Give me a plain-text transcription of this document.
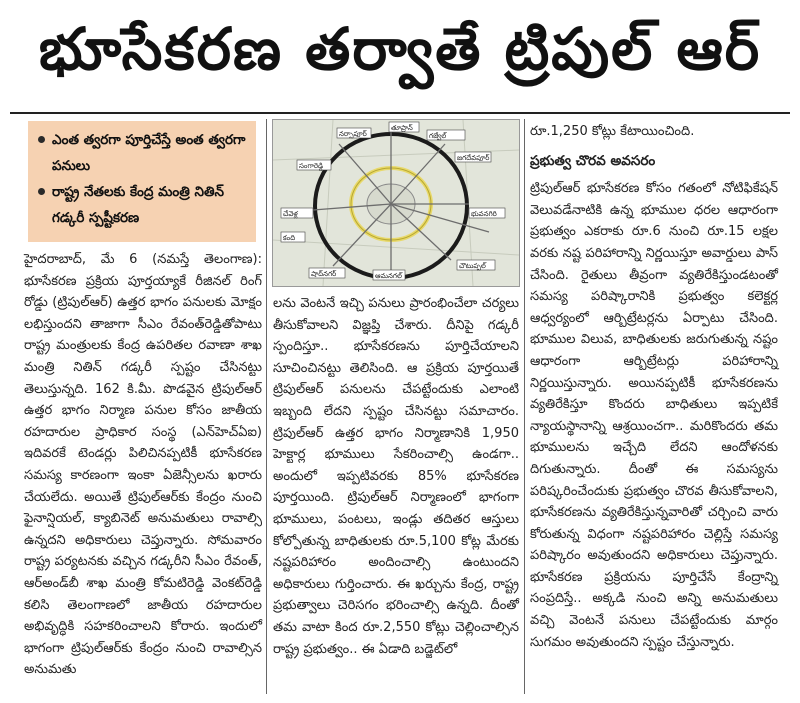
భూసేకరణ తర్వాతే ట్రిపుల్ ఆర్
ఎంత త్వరగా పూర్తిచేస్తే అంత త్వరగా పనులు
రాష్ట్ర నేతలకు కేంద్ర మంత్రి నితిన్ గడ్కరీ స్పష్టీకరణ

హైదరాబాద్, మే 6 (నమస్తే తెలంగాణ): భూసేకరణ ప్రక్రియ పూర్తయ్యాకే రీజినల్ రింగ్ రోడ్డు (ట్రిపుల్ఆర్) ఉత్తర భాగం పనులకు మోక్షం లభిస్తుందని తాజాగా సీఎం రేవంత్‌రెడ్డితోపాటు రాష్ట్ర మంత్రులకు కేంద్ర ఉపరితల రవాణా శాఖ మంత్రి నితిన్ గడ్కరీ స్పష్టం చేసినట్టు తెలుస్తున్నది. 162 కి.మీ. పొడవైన ట్రిపుల్ఆర్ ఉత్తర భాగం నిర్మాణ పనుల కోసం జాతీయ రహదారుల ప్రాధికార సంస్థ (ఎన్‌హెచ్ఏఐ) ఇదివరకే టెండర్లు పిలిచినప్పటికీ భూసేకరణ సమస్య కారణంగా ఇంకా ఏజెన్సీలను ఖరారు చేయలేదు. అయితే ట్రిపుల్ఆర్‌కు కేంద్రం నుంచి ఫైనాన్షియల్, క్యాబినెట్ అనుమతులు రావాల్సి ఉన్నదని అధికారులు చెప్తున్నారు. సోమవారం రాష్ట్ర పర్యటనకు వచ్చిన గడ్కరీని సీఎం రేవంత్, ఆర్అండ్‌బీ శాఖ మంత్రి కోమటిరెడ్డి వెంకట్‌రెడ్డి కలిసి తెలంగాణలో జాతీయ రహదారుల అభివృద్ధికి సహకరించాలని కోరారు. ఇందులో భాగంగా ట్రిపుల్ఆర్‌కు కేంద్రం నుంచి రావాల్సిన అనుమతు

సంగారెడ్డి
నర్సాపూర్
తూప్రాన్
గజ్వేల్
జగదేవపూర్
భువనగిరి
చౌటుప్పల్
ఆమనగల్
షాద్‌నగర్
చేవెళ్ల
కంది

లను వెంటనే ఇచ్చి పనులు ప్రారంభించేలా చర్యలు తీసుకోవాలని విజ్ఞప్తి చేశారు. దీనిపై గడ్కరీ స్పందిస్తూ.. భూసేకరణను పూర్తిచేయాలని సూచించినట్టు తెలిసింది. ఆ ప్రక్రియ పూర్తయితే ట్రిపుల్ఆర్ పనులను చేపట్టేందుకు ఎలాంటి ఇబ్బంది లేదని స్పష్టం చేసినట్టు సమాచారం. ట్రిపుల్ఆర్ ఉత్తర భాగం నిర్మాణానికి 1,950 హెక్టార్ల భూములు సేకరించాల్సి ఉండగా.. అందులో ఇప్పటివరకు 85% భూసేకరణ పూర్తయింది. ట్రిపుల్ఆర్ నిర్మాణంలో భాగంగా భూములు, పంటలు, ఇండ్లు తదితర ఆస్తులు కోల్పోతున్న బాధితులకు రూ.5,100 కోట్ల మేరకు నష్టపరిహారం అందించాల్సి ఉంటుందని అధికారులు గుర్తించారు. ఈ ఖర్చును కేంద్ర, రాష్ట్ర ప్రభుత్వాలు చెరిసగం భరించాల్సి ఉన్నది. దీంతో తమ వాటా కింద రూ.2,550 కోట్లు చెల్లించాల్సిన రాష్ట్ర ప్రభుత్వం.. ఈ ఏడాది బడ్జెట్‌లో

రూ.1,250 కోట్లు కేటాయించింది.

ప్రభుత్వ చొరవ అవసరం

ట్రిపుల్ఆర్ భూసేకరణ కోసం గతంలో నోటిఫికేషన్ వెలువడేనాటికి ఉన్న భూముల ధరల ఆధారంగా ప్రభుత్వం ఎకరాకు రూ.6 నుంచి రూ.15 లక్షల వరకు నష్ట పరిహారాన్ని నిర్ణయిస్తూ అవార్డులు పాస్ చేసింది. రైతులు తీవ్రంగా వ్యతిరేకిస్తుండటంతో సమస్య పరిష్కారానికి ప్రభుత్వం కలెక్టర్ల ఆధ్వర్యంలో ఆర్బిట్రేటర్లను ఏర్పాటు చేసింది. భూముల విలువ, బాధితులకు జరుగుతున్న నష్టం ఆధారంగా ఆర్బిట్రేటర్లు పరిహారాన్ని నిర్ణయిస్తున్నారు. అయినప్పటికీ భూసేకరణను వ్యతిరేకిస్తూ కొందరు బాధితులు ఇప్పటికే న్యాయస్థానాన్ని ఆశ్రయించగా.. మరికొందరు తమ భూములను ఇచ్చేది లేదని ఆందోళనకు దిగుతున్నారు. దీంతో ఈ సమస్యను పరిష్కరించేందుకు ప్రభుత్వం చొరవ తీసుకోవాలని, భూసేకరణను వ్యతిరేకిస్తున్నవారితో చర్చించి వారు కోరుతున్న విధంగా నష్టపరిహారం చెల్లిస్తే సమస్య పరిష్కారం అవుతుందని అధికారులు చెప్తున్నారు. భూసేకరణ ప్రక్రియను పూర్తిచేసే కేంద్రాన్ని సంప్రదిస్తే.. అక్కడి నుంచి అన్ని అనుమతులు వచ్చి వెంటనే పనులు చేపట్టేందుకు మార్గం సుగమం అవుతుందని స్పష్టం చేస్తున్నారు.
